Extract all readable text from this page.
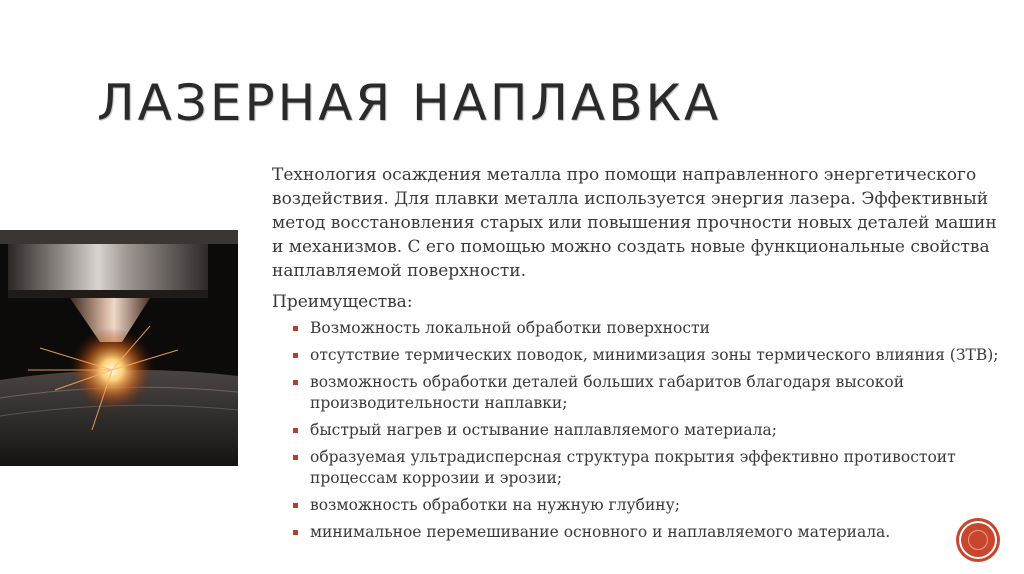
ЛАЗЕРНАЯ НАПЛАВКА

Технология осаждения металла про помощи направленного энергетического воздействия. Для плавки металла используется энергия лазера. Эффективный метод восстановления старых или повышения прочности новых деталей машин и механизмов. С его помощью можно создать новые функциональные свойства наплавляемой поверхности.

Преимущества:

Возможность локальной обработки поверхности
отсутствие термических поводок, минимизация зоны термического влияния (ЗТВ);
возможность обработки деталей больших габаритов благодаря высокой производительности наплавки;
быстрый нагрев и остывание наплавляемого материала;
образуемая ультрадисперсная структура покрытия эффективно противостоит процессам коррозии и эрозии;
возможность обработки на нужную глубину;
минимальное перемешивание основного и наплавляемого материала.
